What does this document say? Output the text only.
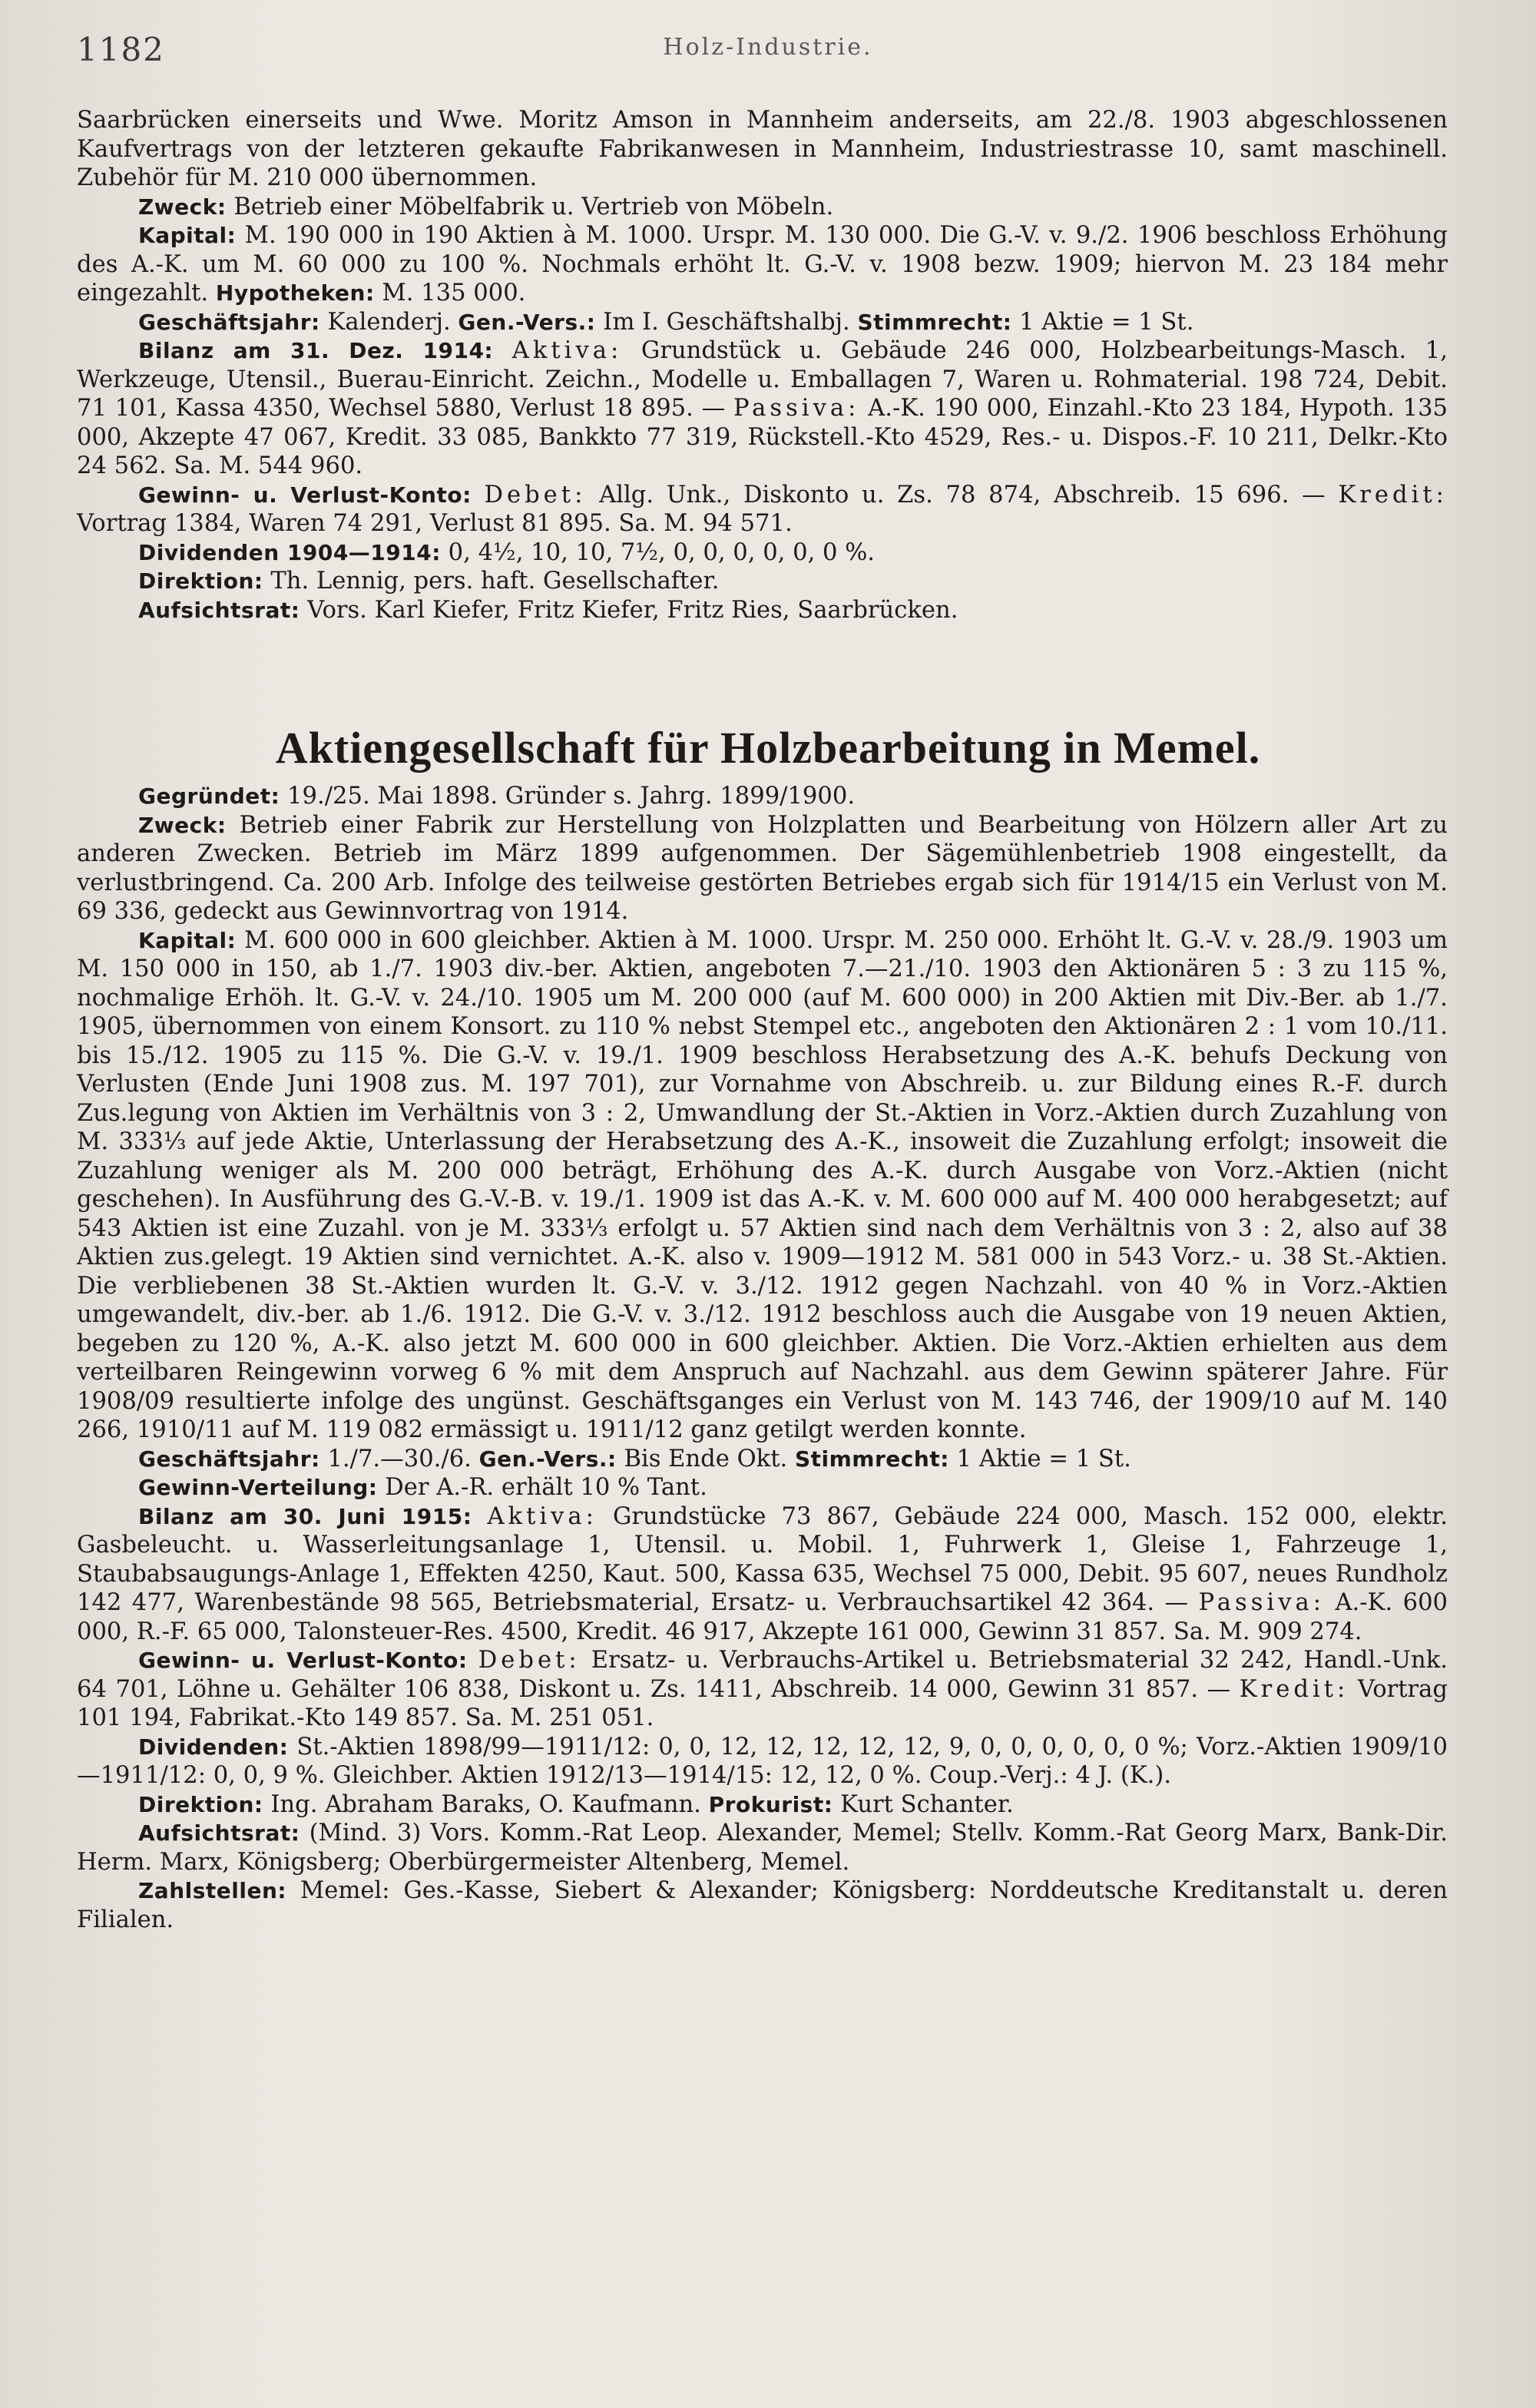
1182	Holz-Industrie.

Saarbrücken einerseits und Wwe. Moritz Amson in Mannheim anderseits, am 22./8. 1903 abgeschlossenen Kaufvertrags von der letzteren gekaufte Fabrikanwesen in Mannheim, Industriestrasse 10, samt maschinell. Zubehör für M. 210 000 übernommen.

Zweck: Betrieb einer Möbelfabrik u. Vertrieb von Möbeln.

Kapital: M. 190 000 in 190 Aktien à M. 1000. Urspr. M. 130 000. Die G.-V. v. 9./2. 1906 beschloss Erhöhung des A.-K. um M. 60 000 zu 100 %. Nochmals erhöht lt. G.-V. v. 1908 bezw. 1909; hiervon M. 23 184 mehr eingezahlt. Hypotheken: M. 135 000.

Geschäftsjahr: Kalenderj. Gen.-Vers.: Im I. Geschäftshalbj. Stimmrecht: 1 Aktie = 1 St.

Bilanz am 31. Dez. 1914: Aktiva: Grundstück u. Gebäude 246 000, Holzbearbeitungs-Masch. 1, Werkzeuge, Utensil., Buerau-Einricht. Zeichn., Modelle u. Emballagen 7, Waren u. Rohmaterial. 198 724, Debit. 71 101, Kassa 4350, Wechsel 5880, Verlust 18 895. — Passiva: A.-K. 190 000, Einzahl.-Kto 23 184, Hypoth. 135 000, Akzepte 47 067, Kredit. 33 085, Bankkto 77 319, Rückstell.-Kto 4529, Res.- u. Dispos.-F. 10 211, Delkr.-Kto 24 562. Sa. M. 544 960.

Gewinn- u. Verlust-Konto: Debet: Allg. Unk., Diskonto u. Zs. 78 874, Abschreib. 15 696. — Kredit: Vortrag 1384, Waren 74 291, Verlust 81 895. Sa. M. 94 571.

Dividenden 1904—1914: 0, 4½, 10, 10, 7½, 0, 0, 0, 0, 0, 0 %.

Direktion: Th. Lennig, pers. haft. Gesellschafter.

Aufsichtsrat: Vors. Karl Kiefer, Fritz Kiefer, Fritz Ries, Saarbrücken.

Aktiengesellschaft für Holzbearbeitung in Memel.

Gegründet: 19./25. Mai 1898. Gründer s. Jahrg. 1899/1900.

Zweck: Betrieb einer Fabrik zur Herstellung von Holzplatten und Bearbeitung von Hölzern aller Art zu anderen Zwecken. Betrieb im März 1899 aufgenommen. Der Sägemühlenbetrieb 1908 eingestellt, da verlustbringend. Ca. 200 Arb. Infolge des teilweise gestörten Betriebes ergab sich für 1914/15 ein Verlust von M. 69 336, gedeckt aus Gewinnvortrag von 1914.

Kapital: M. 600 000 in 600 gleichber. Aktien à M. 1000. Urspr. M. 250 000. Erhöht lt. G.-V. v. 28./9. 1903 um M. 150 000 in 150, ab 1./7. 1903 div.-ber. Aktien, angeboten 7.—21./10. 1903 den Aktionären 5 : 3 zu 115 %, nochmalige Erhöh. lt. G.-V. v. 24./10. 1905 um M. 200 000 (auf M. 600 000) in 200 Aktien mit Div.-Ber. ab 1./7. 1905, übernommen von einem Konsort. zu 110 % nebst Stempel etc., angeboten den Aktionären 2 : 1 vom 10./11. bis 15./12. 1905 zu 115 %. Die G.-V. v. 19./1. 1909 beschloss Herabsetzung des A.-K. behufs Deckung von Verlusten (Ende Juni 1908 zus. M. 197 701), zur Vornahme von Abschreib. u. zur Bildung eines R.-F. durch Zus.legung von Aktien im Verhältnis von 3 : 2, Umwandlung der St.-Aktien in Vorz.-Aktien durch Zuzahlung von M. 333⅓ auf jede Aktie, Unterlassung der Herabsetzung des A.-K., insoweit die Zuzahlung erfolgt; insoweit die Zuzahlung weniger als M. 200 000 beträgt, Erhöhung des A.-K. durch Ausgabe von Vorz.-Aktien (nicht geschehen). In Ausführung des G.-V.-B. v. 19./1. 1909 ist das A.-K. v. M. 600 000 auf M. 400 000 herabgesetzt; auf 543 Aktien ist eine Zuzahl. von je M. 333⅓ erfolgt u. 57 Aktien sind nach dem Verhältnis von 3 : 2, also auf 38 Aktien zus.gelegt. 19 Aktien sind vernichtet. A.-K. also v. 1909—1912 M. 581 000 in 543 Vorz.- u. 38 St.-Aktien. Die verbliebenen 38 St.-Aktien wurden lt. G.-V. v. 3./12. 1912 gegen Nachzahl. von 40 % in Vorz.-Aktien umgewandelt, div.-ber. ab 1./6. 1912. Die G.-V. v. 3./12. 1912 beschloss auch die Ausgabe von 19 neuen Aktien, begeben zu 120 %, A.-K. also jetzt M. 600 000 in 600 gleichber. Aktien. Die Vorz.-Aktien erhielten aus dem verteilbaren Reingewinn vorweg 6 % mit dem Anspruch auf Nachzahl. aus dem Gewinn späterer Jahre. Für 1908/09 resultierte infolge des ungünst. Geschäftsganges ein Verlust von M. 143 746, der 1909/10 auf M. 140 266, 1910/11 auf M. 119 082 ermässigt u. 1911/12 ganz getilgt werden konnte.

Geschäftsjahr: 1./7.—30./6. Gen.-Vers.: Bis Ende Okt. Stimmrecht: 1 Aktie = 1 St.

Gewinn-Verteilung: Der A.-R. erhält 10 % Tant.

Bilanz am 30. Juni 1915: Aktiva: Grundstücke 73 867, Gebäude 224 000, Masch. 152 000, elektr. Gasbeleucht. u. Wasserleitungsanlage 1, Utensil. u. Mobil. 1, Fuhrwerk 1, Gleise 1, Fahrzeuge 1, Staubabsaugungs-Anlage 1, Effekten 4250, Kaut. 500, Kassa 635, Wechsel 75 000, Debit. 95 607, neues Rundholz 142 477, Warenbestände 98 565, Betriebsmaterial, Ersatz- u. Verbrauchsartikel 42 364. — Passiva: A.-K. 600 000, R.-F. 65 000, Talonsteuer-Res. 4500, Kredit. 46 917, Akzepte 161 000, Gewinn 31 857. Sa. M. 909 274.

Gewinn- u. Verlust-Konto: Debet: Ersatz- u. Verbrauchs-Artikel u. Betriebsmaterial 32 242, Handl.-Unk. 64 701, Löhne u. Gehälter 106 838, Diskont u. Zs. 1411, Abschreib. 14 000, Gewinn 31 857. — Kredit: Vortrag 101 194, Fabrikat.-Kto 149 857. Sa. M. 251 051.

Dividenden: St.-Aktien 1898/99—1911/12: 0, 0, 12, 12, 12, 12, 12, 9, 0, 0, 0, 0, 0, 0 %; Vorz.-Aktien 1909/10—1911/12: 0, 0, 9 %. Gleichber. Aktien 1912/13—1914/15: 12, 12, 0 %. Coup.-Verj.: 4 J. (K.).

Direktion: Ing. Abraham Baraks, O. Kaufmann. Prokurist: Kurt Schanter.

Aufsichtsrat: (Mind. 3) Vors. Komm.-Rat Leop. Alexander, Memel; Stellv. Komm.-Rat Georg Marx, Bank-Dir. Herm. Marx, Königsberg; Oberbürgermeister Altenberg, Memel.

Zahlstellen: Memel: Ges.-Kasse, Siebert & Alexander; Königsberg: Norddeutsche Kreditanstalt u. deren Filialen.
